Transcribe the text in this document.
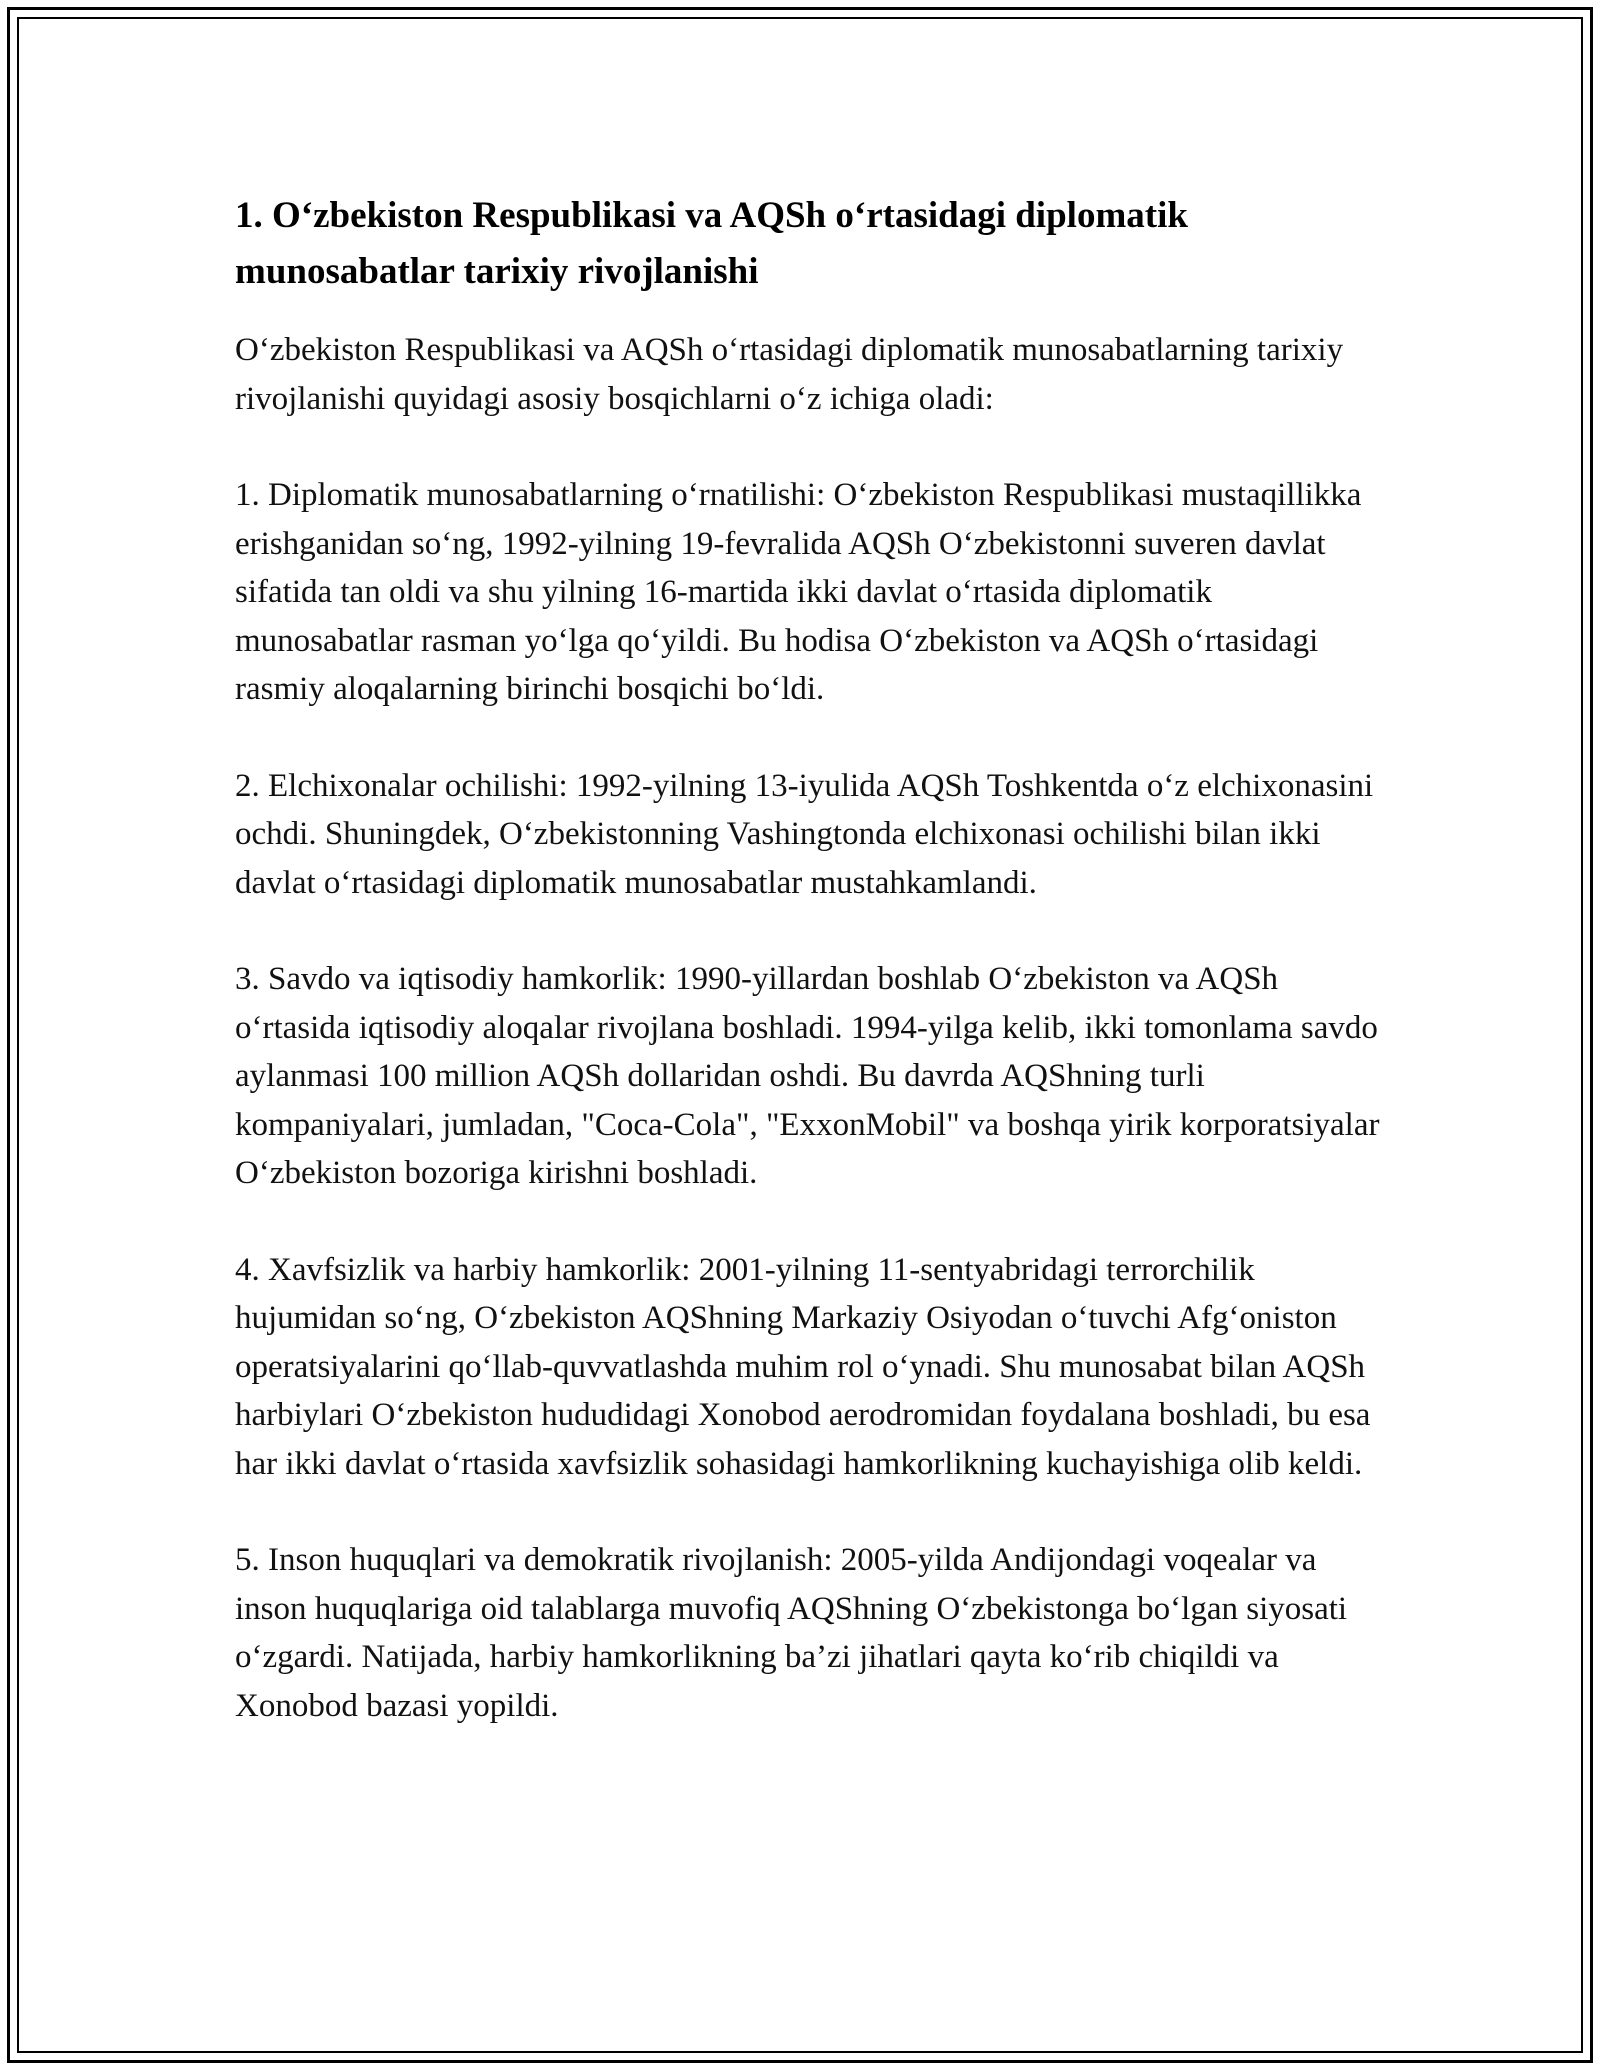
1. O‘zbekiston Respublikasi va AQSh o‘rtasidagi diplomatik munosabatlar tarixiy rivojlanishi

O‘zbekiston Respublikasi va AQSh o‘rtasidagi diplomatik munosabatlarning tarixiy rivojlanishi quyidagi asosiy bosqichlarni o‘z ichiga oladi:

1. Diplomatik munosabatlarning o‘rnatilishi: O‘zbekiston Respublikasi mustaqillikka erishganidan so‘ng, 1992-yilning 19-fevralida AQSh O‘zbekistonni suveren davlat sifatida tan oldi va shu yilning 16-martida ikki davlat o‘rtasida diplomatik munosabatlar rasman yo‘lga qo‘yildi. Bu hodisa O‘zbekiston va AQSh o‘rtasidagi rasmiy aloqalarning birinchi bosqichi bo‘ldi.

2. Elchixonalar ochilishi: 1992-yilning 13-iyulida AQSh Toshkentda o‘z elchixonasini ochdi. Shuningdek, O‘zbekistonning Vashingtonda elchixonasi ochilishi bilan ikki davlat o‘rtasidagi diplomatik munosabatlar mustahkamlandi.

3. Savdo va iqtisodiy hamkorlik: 1990-yillardan boshlab O‘zbekiston va AQSh o‘rtasida iqtisodiy aloqalar rivojlana boshladi. 1994-yilga kelib, ikki tomonlama savdo aylanmasi 100 million AQSh dollaridan oshdi. Bu davrda AQShning turli kompaniyalari, jumladan, "Coca-Cola", "ExxonMobil" va boshqa yirik korporatsiyalar O‘zbekiston bozoriga kirishni boshladi.

4. Xavfsizlik va harbiy hamkorlik: 2001-yilning 11-sentyabridagi terrorchilik hujumidan so‘ng, O‘zbekiston AQShning Markaziy Osiyodan o‘tuvchi Afg‘oniston operatsiyalarini qo‘llab-quvvatlashda muhim rol o‘ynadi. Shu munosabat bilan AQSh harbiylari O‘zbekiston hududidagi Xonobod aerodromidan foydalana boshladi, bu esa har ikki davlat o‘rtasida xavfsizlik sohasidagi hamkorlikning kuchayishiga olib keldi.

5. Inson huquqlari va demokratik rivojlanish: 2005-yilda Andijondagi voqealar va inson huquqlariga oid talablarga muvofiq AQShning O‘zbekistonga bo‘lgan siyosati o‘zgardi. Natijada, harbiy hamkorlikning ba’zi jihatlari qayta ko‘rib chiqildi va Xonobod bazasi yopildi.
